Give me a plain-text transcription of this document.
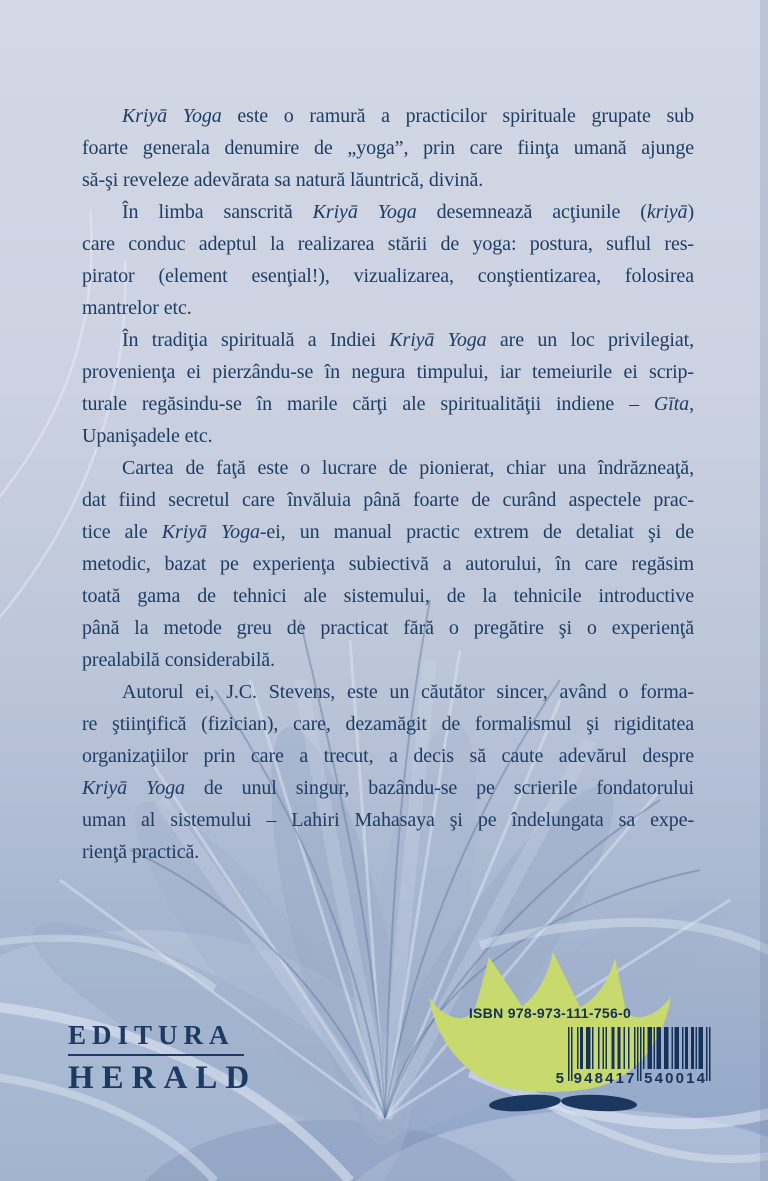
Kriyā Yoga este o ramură a practicilor spirituale grupate sub
foarte generala denumire de „yoga”, prin care fiinţa umană ajunge
să-şi reveleze adevărata sa natură lăuntrică, divină.

În limba sanscrită Kriyā Yoga desemnează acţiunile (kriyā)
care conduc adeptul la realizarea stării de yoga: postura, suflul res-
pirator (element esenţial!), vizualizarea, conştientizarea, folosirea
mantrelor etc.

În tradiţia spirituală a Indiei Kriyā Yoga are un loc privilegiat,
provenienţa ei pierzându-se în negura timpului, iar temeiurile ei scrip-
turale regăsindu-se în marile cărţi ale spiritualităţii indiene – Gīta,
Upanişadele etc.

Cartea de faţă este o lucrare de pionierat, chiar una îndrăzneaţă,
dat fiind secretul care învăluia până foarte de curând aspectele prac-
tice ale Kriyā Yoga-ei, un manual practic extrem de detaliat şi de
metodic, bazat pe experienţa subiectivă a autorului, în care regăsim
toată gama de tehnici ale sistemului, de la tehnicile introductive
până la metode greu de practicat fără o pregătire şi o experienţă
prealabilă considerabilă.

Autorul ei, J.C. Stevens, este un căutător sincer, având o forma-
re ştiinţifică (fizician), care, dezamăgit de formalismul şi rigiditatea
organizaţiilor prin care a trecut, a decis să caute adevărul despre
Kriyā Yoga de unul singur, bazându-se pe scrierile fondatorului
uman al sistemului – Lahiri Mahasaya şi pe îndelungata sa expe-
rienţă practică.

EDITURA
HERALD
ISBN 978-973-111-756-0
5 9	5
4	4
8	0
4	0
1	1
7	4
